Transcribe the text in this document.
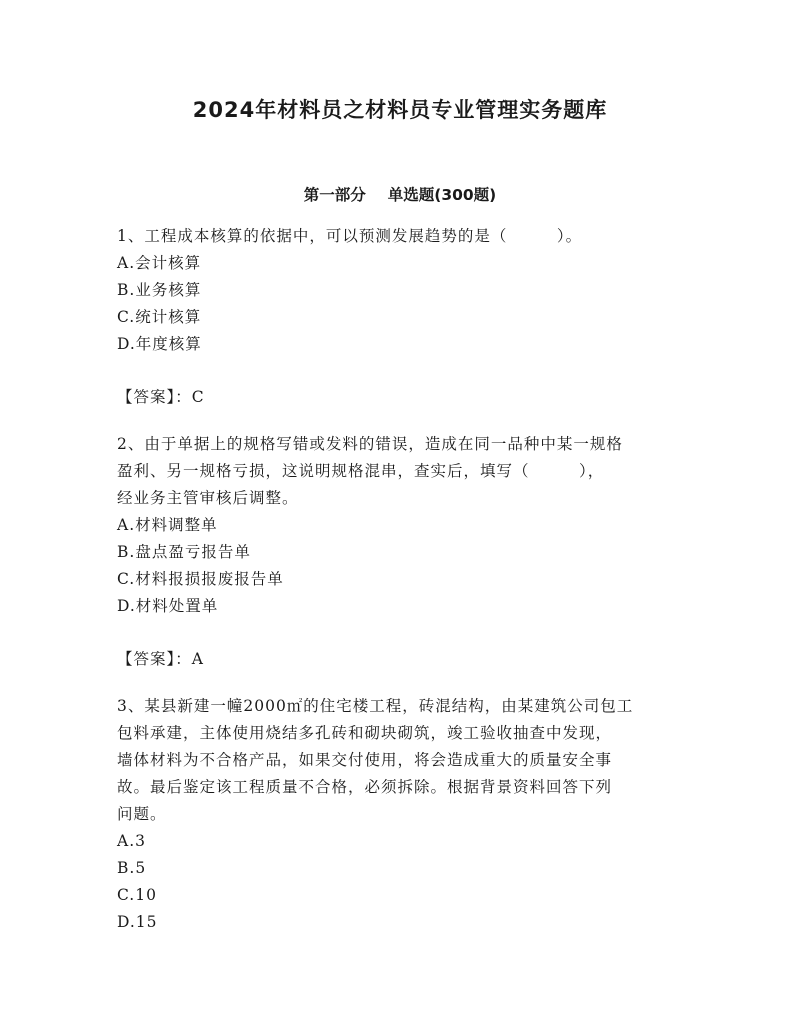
2024年材料员之材料员专业管理实务题库
第一部分 单选题(300题)
1、工程成本核算的依据中，可以预测发展趋势的是（　　　）。
A.会计核算
B.业务核算
C.统计核算
D.年度核算
【答案】：C
2、由于单据上的规格写错或发料的错误，造成在同一品种中某一规格
盈利、另一规格亏损，这说明规格混串，查实后，填写（　　　），
经业务主管审核后调整。
A.材料调整单
B.盘点盈亏报告单
C.材料报损报废报告单
D.材料处置单
【答案】：A
3、某县新建一幢2000㎡的住宅楼工程，砖混结构，由某建筑公司包工
包料承建，主体使用烧结多孔砖和砌块砌筑，竣工验收抽查中发现，
墙体材料为不合格产品，如果交付使用，将会造成重大的质量安全事
故。最后鉴定该工程质量不合格，必须拆除。根据背景资料回答下列
问题。
A.3
B.5
C.10
D.15
